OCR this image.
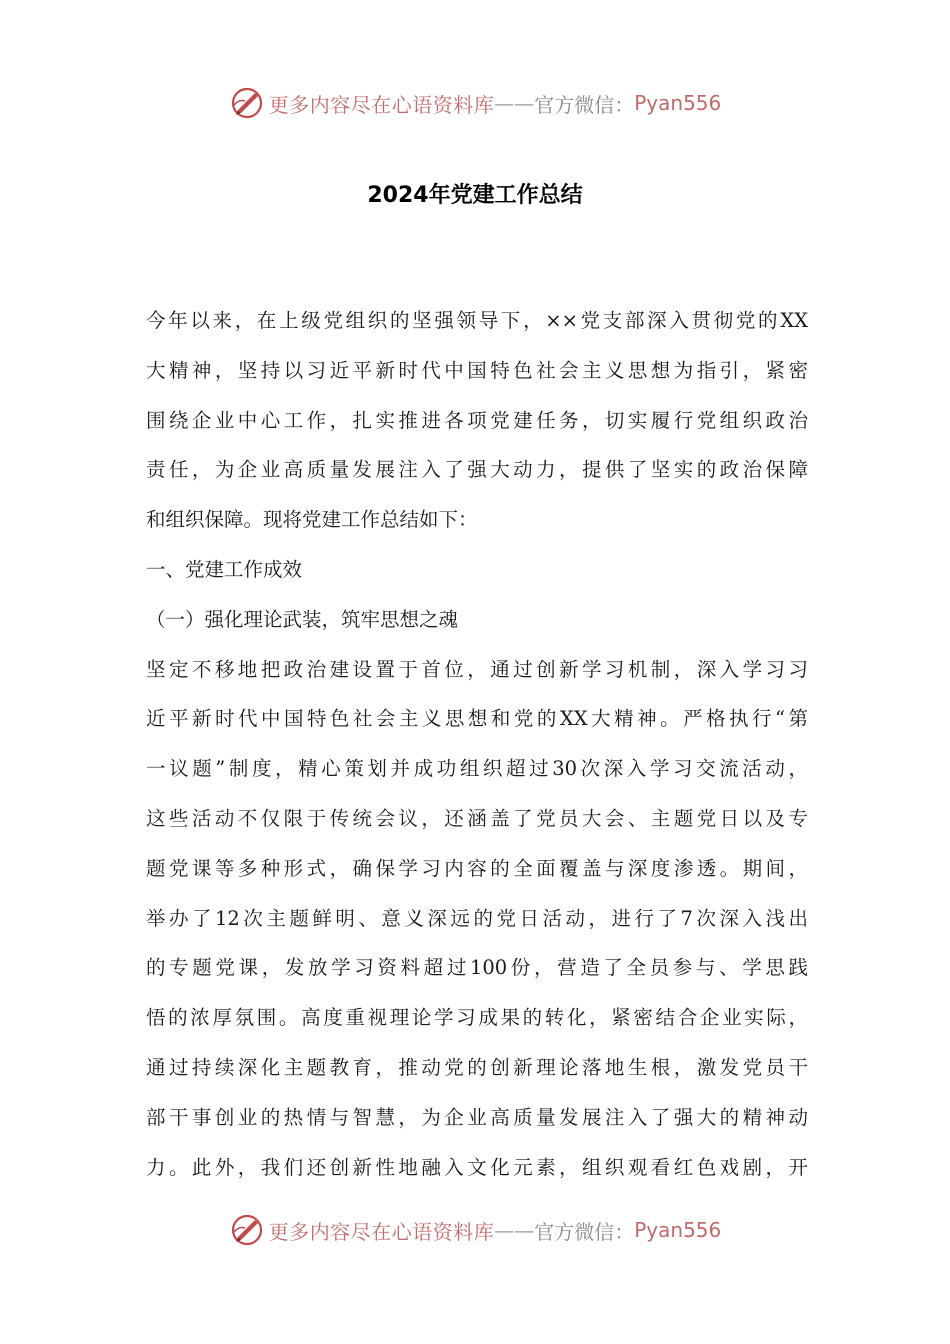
更多内容尽在心语资料库 —— 官方微信： Pyan556
2024年党建工作总结
今年以来，在上级党组织的坚强领导下，××党支部深入贯彻党的XX
大精神，坚持以习近平新时代中国特色社会主义思想为指引，紧密
围绕企业中心工作，扎实推进各项党建任务，切实履行党组织政治
责任，为企业高质量发展注入了强大动力，提供了坚实的政治保障
和组织保障。现将党建工作总结如下：
一、党建工作成效
（一）强化理论武装，筑牢思想之魂
坚定不移地把政治建设置于首位，通过创新学习机制，深入学习习
近平新时代中国特色社会主义思想和党的XX大精神。严格执行“第
一议题”制度，精心策划并成功组织超过30次深入学习交流活动，
这些活动不仅限于传统会议，还涵盖了党员大会、主题党日以及专
题党课等多种形式，确保学习内容的全面覆盖与深度渗透。期间，
举办了12次主题鲜明、意义深远的党日活动，进行了7次深入浅出
的专题党课，发放学习资料超过100份，营造了全员参与、学思践
悟的浓厚氛围。高度重视理论学习成果的转化，紧密结合企业实际，
通过持续深化主题教育，推动党的创新理论落地生根，激发党员干
部干事创业的热情与智慧，为企业高质量发展注入了强大的精神动
力。此外，我们还创新性地融入文化元素，组织观看红色戏剧，开
更多内容尽在心语资料库 —— 官方微信： Pyan556
